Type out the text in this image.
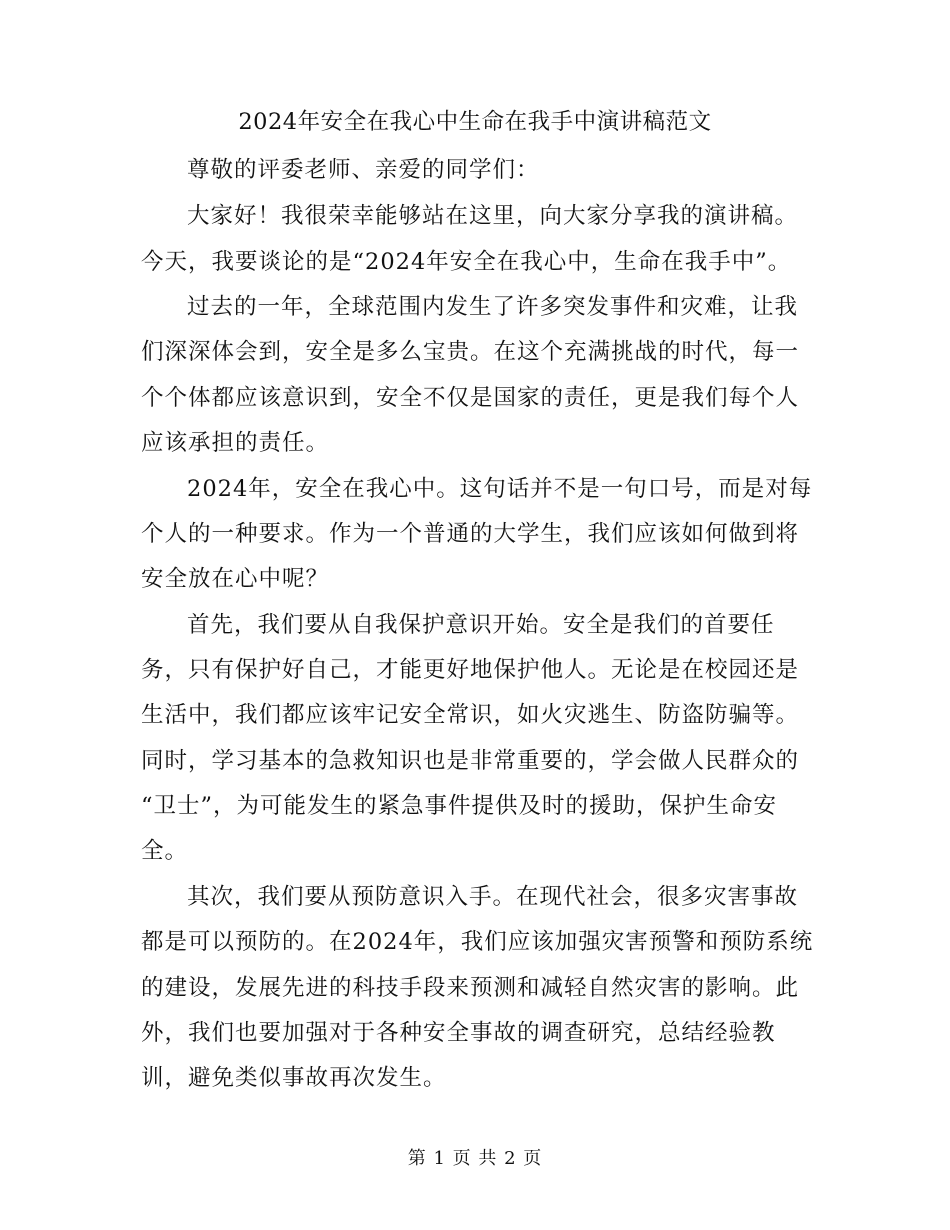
2024年安全在我心中生命在我手中演讲稿范文
尊敬的评委老师、亲爱的同学们：
大家好！我很荣幸能够站在这里，向大家分享我的演讲稿。
今天，我要谈论的是“2024年安全在我心中，生命在我手中”。
过去的一年，全球范围内发生了许多突发事件和灾难，让我
们深深体会到，安全是多么宝贵。在这个充满挑战的时代，每一
个个体都应该意识到，安全不仅是国家的责任，更是我们每个人
应该承担的责任。
2024年，安全在我心中。这句话并不是一句口号，而是对每
个人的一种要求。作为一个普通的大学生，我们应该如何做到将
安全放在心中呢？
首先，我们要从自我保护意识开始。安全是我们的首要任
务，只有保护好自己，才能更好地保护他人。无论是在校园还是
生活中，我们都应该牢记安全常识，如火灾逃生、防盗防骗等。
同时，学习基本的急救知识也是非常重要的，学会做人民群众的
“卫士”，为可能发生的紧急事件提供及时的援助，保护生命安
全。
其次，我们要从预防意识入手。在现代社会，很多灾害事故
都是可以预防的。在2024年，我们应该加强灾害预警和预防系统
的建设，发展先进的科技手段来预测和减轻自然灾害的影响。此
外，我们也要加强对于各种安全事故的调查研究，总结经验教
训，避免类似事故再次发生。
第 1 页 共 2 页
